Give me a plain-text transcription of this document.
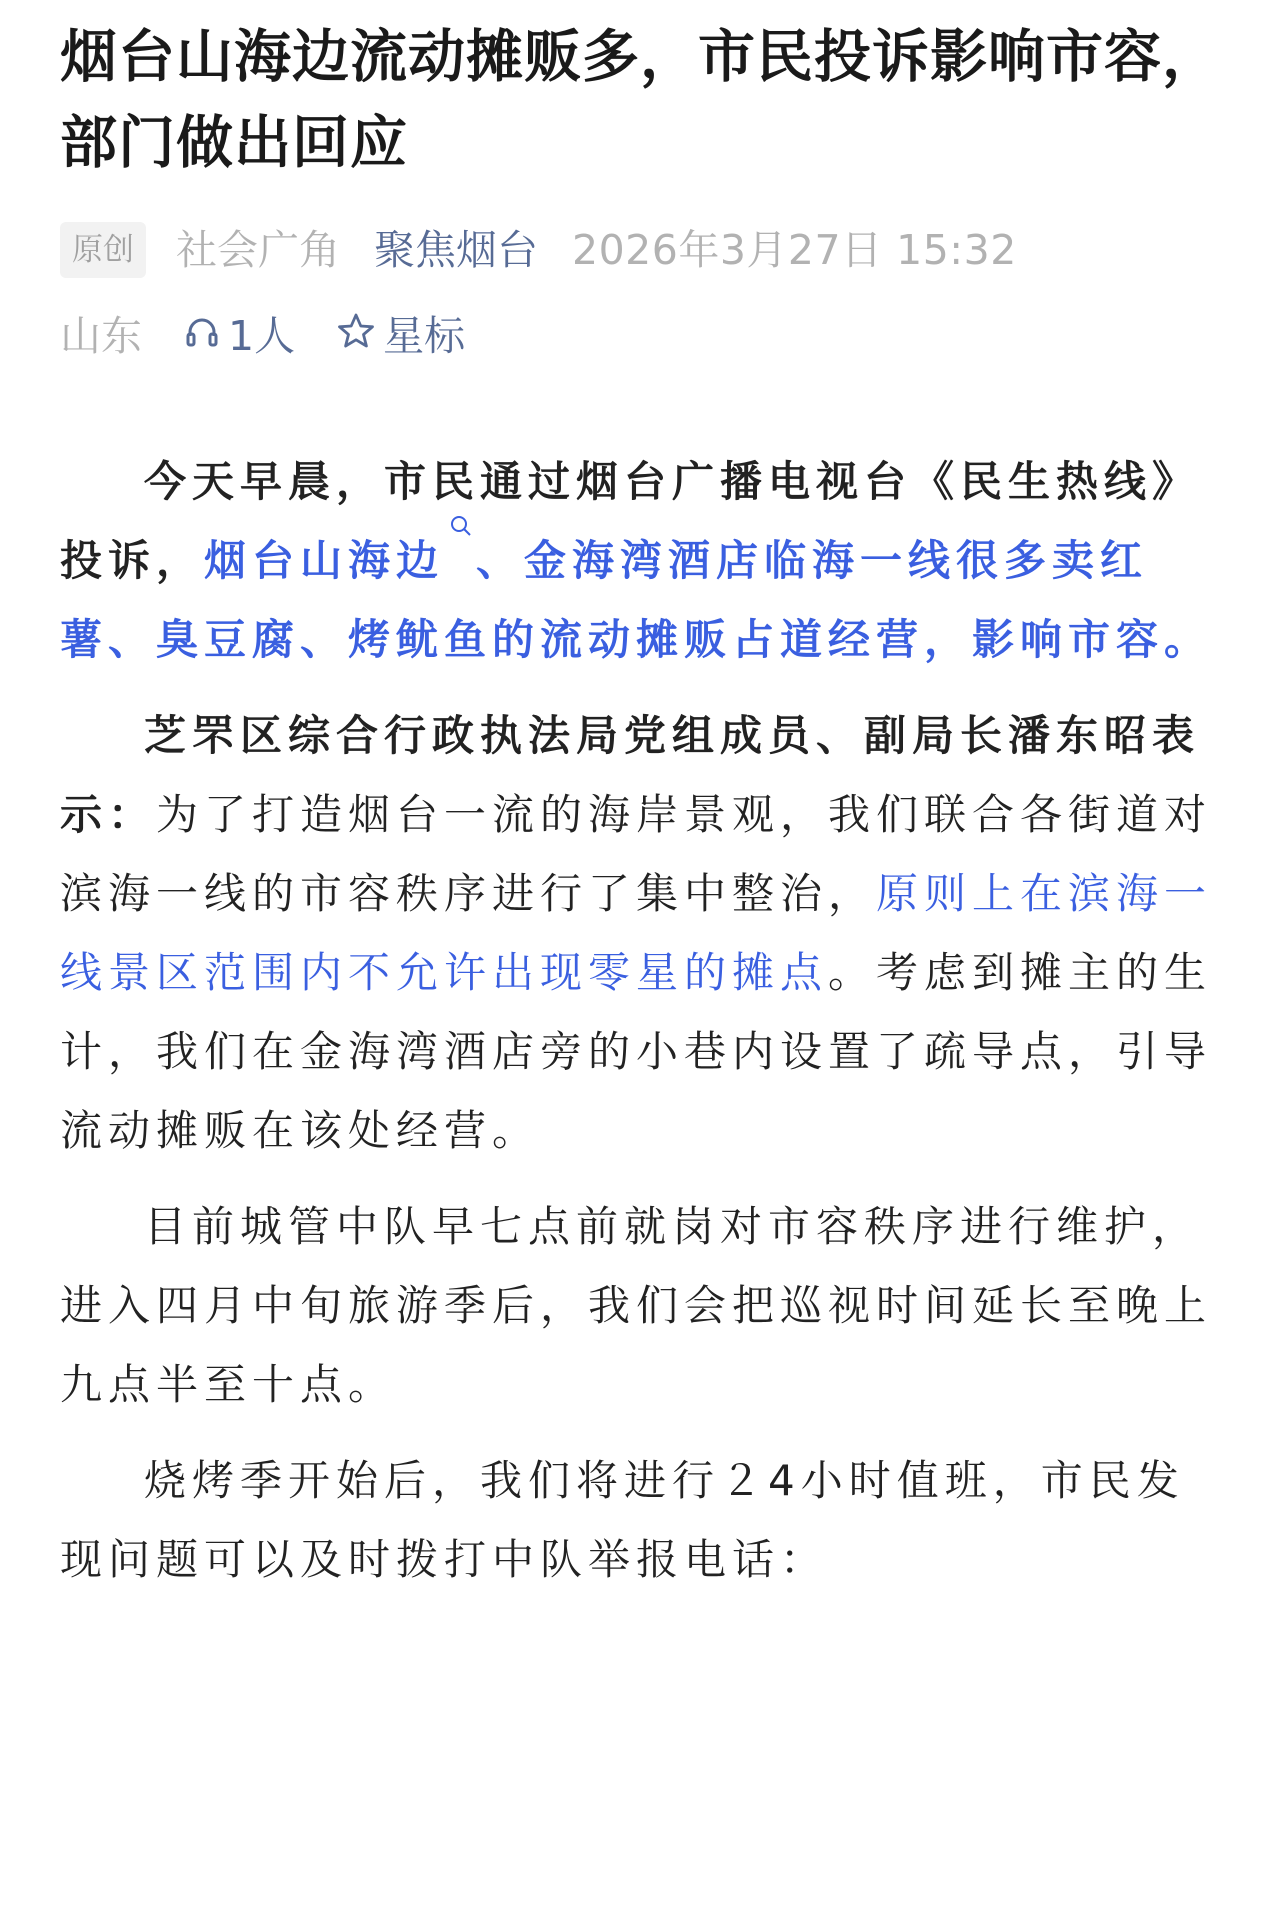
烟台山海边流动摊贩多，市民投诉影响市容，部门做出回应
原创 社会广角 聚焦烟台 2026年3月27日 15:32
山东 1人 星标

今天早晨，市民通过烟台广播电视台《民生热线》投诉，烟台山海边 、金海湾酒店临海一线很多卖红薯、臭豆腐、烤鱿鱼的流动摊贩占道经营，影响市容。

芝罘区综合行政执法局党组成员、副局长潘东昭表示：为了打造烟台一流的海岸景观，我们联合各街道对滨海一线的市容秩序进行了集中整治，原则上在滨海一线景区范围内不允许出现零星的摊点。考虑到摊主的生计，我们在金海湾酒店旁的小巷内设置了疏导点，引导流动摊贩在该处经营。

目前城管中队早七点前就岗对市容秩序进行维护，进入四月中旬旅游季后，我们会把巡视时间延长至晚上九点半至十点。

烧烤季开始后，我们将进行２4小时值班，市民发现问题可以及时拨打中队举报电话：
